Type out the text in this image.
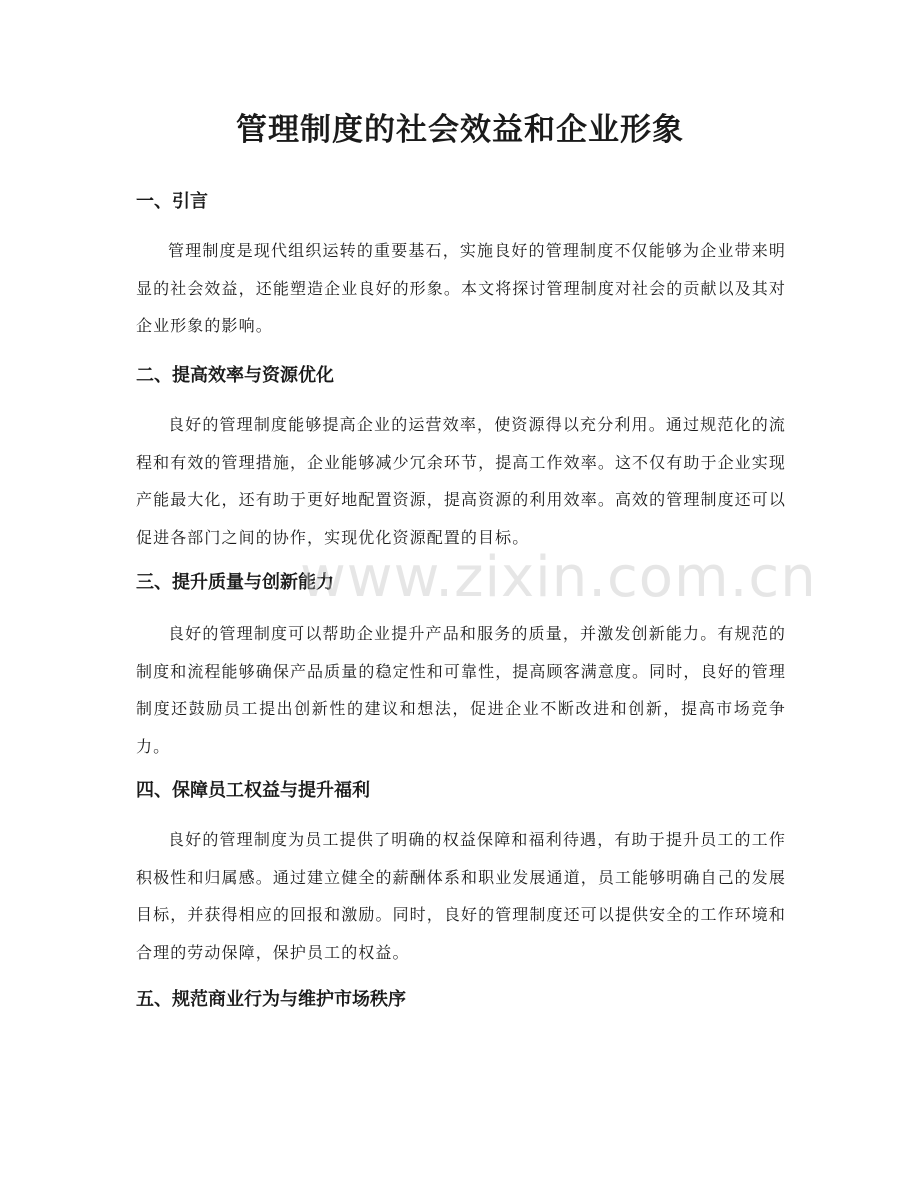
管理制度的社会效益和企业形象
一、引言

管理制度是现代组织运转的重要基石，实施良好的管理制度不仅能够为企业带来明显的社会效益，还能塑造企业良好的形象。本文将探讨管理制度对社会的贡献以及其对企业形象的影响。

二、提高效率与资源优化

良好的管理制度能够提高企业的运营效率，使资源得以充分利用。通过规范化的流程和有效的管理措施，企业能够减少冗余环节，提高工作效率。这不仅有助于企业实现产能最大化，还有助于更好地配置资源，提高资源的利用效率。高效的管理制度还可以促进各部门之间的协作，实现优化资源配置的目标。

三、提升质量与创新能力

良好的管理制度可以帮助企业提升产品和服务的质量，并激发创新能力。有规范的制度和流程能够确保产品质量的稳定性和可靠性，提高顾客满意度。同时，良好的管理制度还鼓励员工提出创新性的建议和想法，促进企业不断改进和创新，提高市场竞争力。

四、保障员工权益与提升福利

良好的管理制度为员工提供了明确的权益保障和福利待遇，有助于提升员工的工作积极性和归属感。通过建立健全的薪酬体系和职业发展通道，员工能够明确自己的发展目标，并获得相应的回报和激励。同时，良好的管理制度还可以提供安全的工作环境和合理的劳动保障，保护员工的权益。

五、规范商业行为与维护市场秩序
www.zixin.com.cn
